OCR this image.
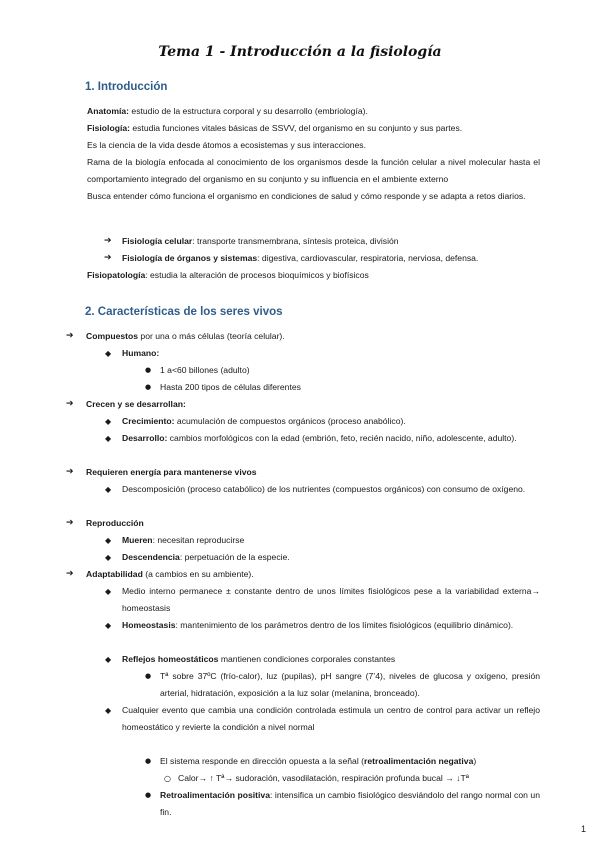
Tema 1 - Introducción a la fisiología
1. Introducción
Anatomía: estudio de la estructura corporal y su desarrollo (embriología).
Fisiología: estudia funciones vitales básicas de SSVV, del organismo en su conjunto y sus partes.
Es la ciencia de la vida desde átomos a ecosistemas y sus interacciones.
Rama de la biología enfocada al conocimiento de los organismos desde la función celular a nivel molecular hasta el comportamiento integrado del organismo en su conjunto y su influencia en el ambiente externo
Busca entender cómo funciona el organismo en condiciones de salud y cómo responde y se adapta a retos diarios.
➔ Fisiología celular: transporte transmembrana, síntesis proteica, división
➔ Fisiología de órganos y sistemas: digestiva, cardiovascular, respiratoria, nerviosa, defensa.
Fisiopatología: estudia la alteración de procesos bioquímicos y biofísicos
2. Características de los seres vivos
➔ Compuestos por una o más células (teoría celular).
◆ Humano:
● 1 a<60 billones (adulto)
● Hasta 200 tipos de células diferentes
➔ Crecen y se desarrollan:
◆ Crecimiento: acumulación de compuestos orgánicos (proceso anabólico).
◆ Desarrollo: cambios morfológicos con la edad (embrión, feto, recién nacido, niño, adolescente, adulto).
➔ Requieren energía para mantenerse vivos
◆ Descomposición (proceso catabólico) de los nutrientes (compuestos orgánicos) con consumo de oxígeno.
➔ Reproducción
◆ Mueren: necesitan reproducirse
◆ Descendencia: perpetuación de la especie.
➔ Adaptabilidad (a cambios en su ambiente).
◆ Medio interno permanece ± constante dentro de unos límites fisiológicos pese a la variabilidad externa→ homeostasis
◆ Homeostasis: mantenimiento de los parámetros dentro de los límites fisiológicos (equilibrio dinámico).
◆ Reflejos homeostáticos mantienen condiciones corporales constantes
● Tª sobre 37ºC (frío-calor), luz (pupilas), pH sangre (7’4), niveles de glucosa y oxígeno, presión arterial, hidratación, exposición a la luz solar (melanina, bronceado).
◆ Cualquier evento que cambia una condición controlada estimula un centro de control para activar un reflejo homeostático y revierte la condición a nivel normal
● El sistema responde en dirección opuesta a la señal (retroalimentación negativa)
○ Calor→ ↑ Tª→ sudoración, vasodilatación, respiración profunda bucal → ↓Tª
● Retroalimentación positiva: intensifica un cambio fisiológico desviándolo del rango normal con un fin.
1
